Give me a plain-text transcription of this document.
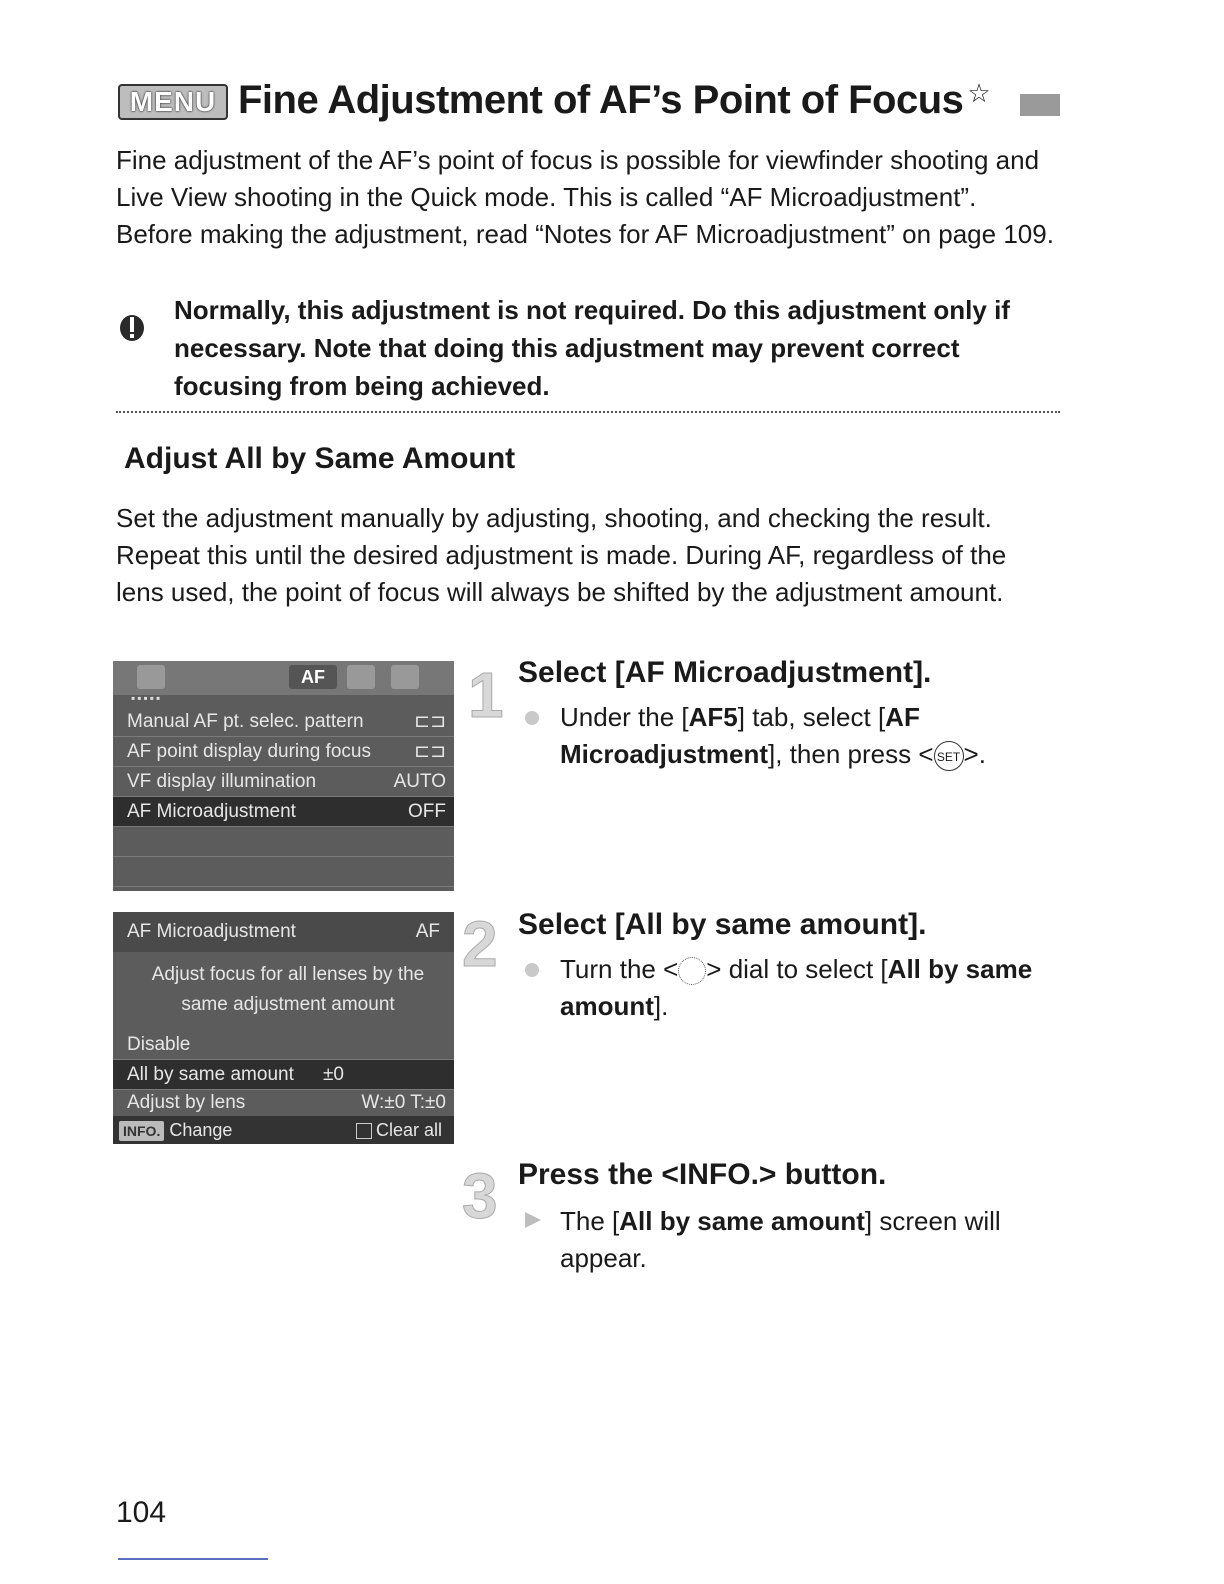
MENU Fine Adjustment of AF’s Point of Focus ☆
Fine adjustment of the AF’s point of focus is possible for viewfinder shooting and Live View shooting in the Quick mode. This is called “AF Microadjustment”. Before making the adjustment, read “Notes for AF Microadjustment” on page 109.
Normally, this adjustment is not required. Do this adjustment only if necessary. Note that doing this adjustment may prevent correct focusing from being achieved.
Adjust All by Same Amount
Set the adjustment manually by adjusting, shooting, and checking the result. Repeat this until the desired adjustment is made. During AF, regardless of the lens used, the point of focus will always be shifted by the adjustment amount.
AF
▪▪▪▪▪
Manual AF pt. selec. pattern	⊏⊐
AF point display during focus ⊏⊐
VF display illumination	AUTO
AF Microadjustment	OFF
AF Microadjustment	AF
Adjust focus for all lenses by the same adjustment amount
Disable
All by same amount ±0
Adjust by lens	W:±0 T:±0
INFO. Change	Clear all
1 Select [AF Microadjustment].
Under the [AF5] tab, select [AF Microadjustment], then press < SET >.
2 Select [All by same amount].
Turn the < > dial to select [All by same amount].
3 Press the <INFO.> button.
The [All by same amount] screen will appear.
104
